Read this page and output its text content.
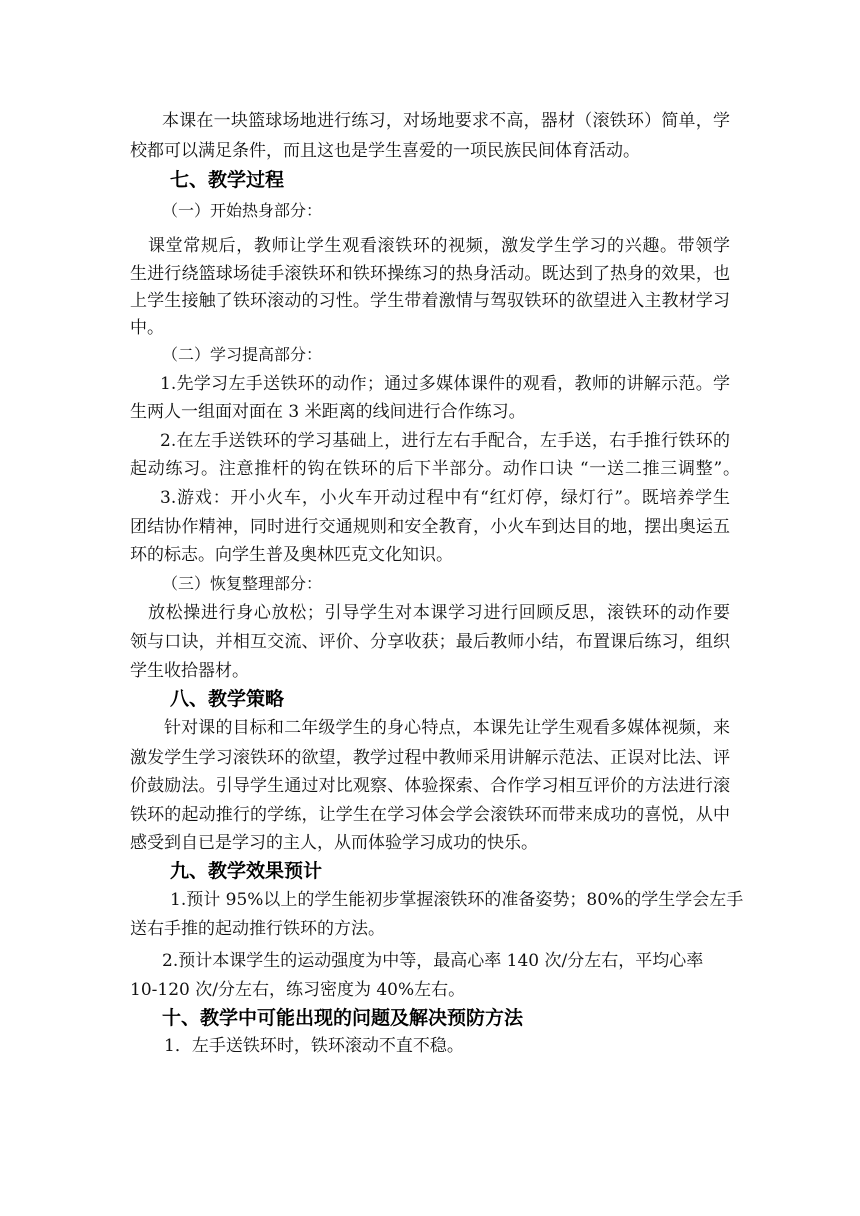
本课在一块篮球场地进行练习，对场地要求不高，器材（滚铁环）简单，学
校都可以满足条件，而且这也是学生喜爱的一项民族民间体育活动。
七、教学过程
（一）开始热身部分：
课堂常规后，教师让学生观看滚铁环的视频，激发学生学习的兴趣。带领学
生进行绕篮球场徒手滚铁环和铁环操练习的热身活动。既达到了热身的效果，也
上学生接触了铁环滚动的习性。学生带着激情与驾驭铁环的欲望进入主教材学习
中。
（二）学习提高部分：
1.先学习左手送铁环的动作；通过多媒体课件的观看，教师的讲解示范。学
生两人一组面对面在 3 米距离的线间进行合作练习。
2.在左手送铁环的学习基础上，进行左右手配合，左手送，右手推行铁环的
起动练习。注意推杆的钩在铁环的后下半部分。动作口诀 “一送二推三调整”。
3.游戏：开小火车，小火车开动过程中有“红灯停，绿灯行”。既培养学生
团结协作精神，同时进行交通规则和安全教育，小火车到达目的地，摆出奥运五
环的标志。向学生普及奥林匹克文化知识。
（三）恢复整理部分：
放松操进行身心放松；引导学生对本课学习进行回顾反思，滚铁环的动作要
领与口诀，并相互交流、评价、分享收获；最后教师小结，布置课后练习，组织
学生收拾器材。
八、教学策略
针对课的目标和二年级学生的身心特点，本课先让学生观看多媒体视频，来
激发学生学习滚铁环的欲望，教学过程中教师采用讲解示范法、正误对比法、评
价鼓励法。引导学生通过对比观察、体验探索、合作学习相互评价的方法进行滚
铁环的起动推行的学练，让学生在学习体会学会滚铁环而带来成功的喜悦，从中
感受到自已是学习的主人，从而体验学习成功的快乐。
九、教学效果预计
1.预计 95%以上的学生能初步掌握滚铁环的准备姿势；80%的学生学会左手
送右手推的起动推行铁环的方法。
2.预计本课学生的运动强度为中等，最高心率 140 次/分左右，平均心率
10-120 次/分左右，练习密度为 40%左右。
十、教学中可能出现的问题及解决预防方法
1．左手送铁环时，铁环滚动不直不稳。
